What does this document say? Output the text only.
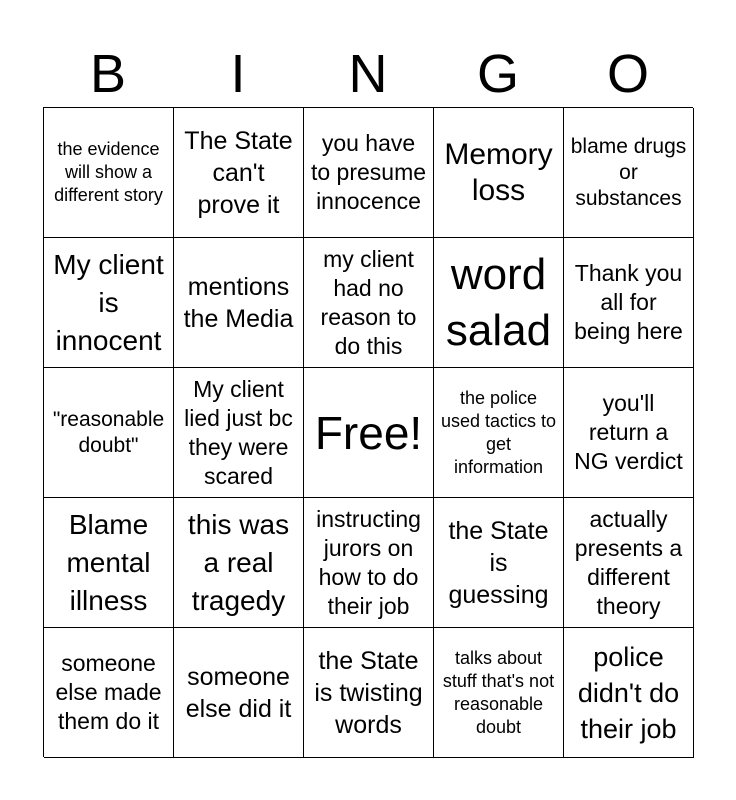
B	I	N	G	O
the evidence will show a different story
The State can't prove it
you have to presume innocence
Memory loss
blame drugs or substances
My client is innocent
mentions the Media
my client had no reason to do this
word salad
Thank you all for being here
"reasonable doubt"
My client lied just bc they were scared
Free!
the police used tactics to get information
you'll return a NG verdict
Blame mental illness
this was a real tragedy
instructing jurors on how to do their job
the State is guessing
actually presents a different theory
someone else made them do it
someone else did it
the State is twisting words
talks about stuff that's not reasonable doubt
police didn't do their job
